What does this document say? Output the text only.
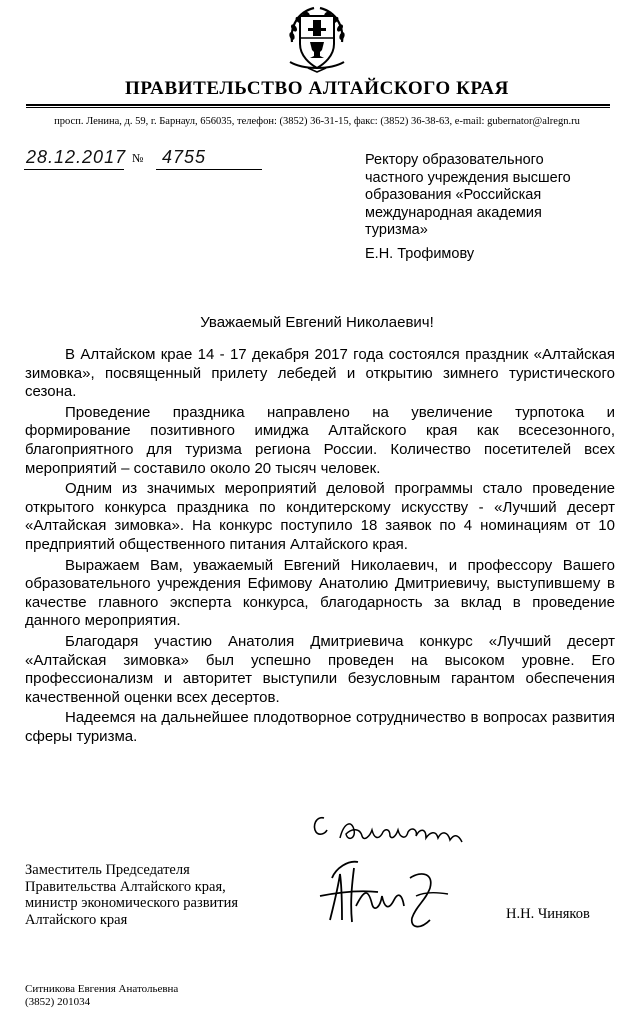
ПРАВИТЕЛЬСТВО АЛТАЙСКОГО КРАЯ
просп. Ленина, д. 59, г. Барнаул, 656035, телефон: (3852) 36-31-15, факс: (3852) 36-38-63, e-mail: gubernator@alregn.ru
28.12.2017 № 4755	Ректору образовательного
частного учреждения высшего
образования «Российская
международная академия
туризма»
Е.Н. Трофимову
Уважаемый Евгений Николаевич!

В Алтайском крае 14 - 17 декабря 2017 года состоялся праздник «Алтайская зимовка», посвященный прилету лебедей и открытию зимнего туристического сезона.

Проведение праздника направлено на увеличение турпотока и формирование позитивного имиджа Алтайского края как всесезонного, благоприятного для туризма региона России. Количество посетителей всех мероприятий – составило около 20 тысяч человек.

Одним из значимых мероприятий деловой программы стало проведение открытого конкурса праздника по кондитерскому искусству - «Лучший десерт «Алтайская зимовка». На конкурс поступило 18 заявок по 4 номинациям от 10 предприятий общественного питания Алтайского края.

Выражаем Вам, уважаемый Евгений Николаевич, и профессору Вашего образовательного учреждения Ефимову Анатолию Дмитриевичу, выступившему в качестве главного эксперта конкурса, благодарность за вклад в проведение данного мероприятия.

Благодаря участию Анатолия Дмитриевича конкурс «Лучший десерт «Алтайская зимовка» был успешно проведен на высоком уровне. Его профессионализм и авторитет выступили безусловным гарантом обеспечения качественной оценки всех десертов.

Надеемся на дальнейшее плодотворное сотрудничество в вопросах развития сферы туризма.

Заместитель Председателя
Правительства Алтайского края,
министр экономического развития
Алтайского края	Н.Н. Чиняков
Ситникова Евгения Анатольевна
(3852) 201034
